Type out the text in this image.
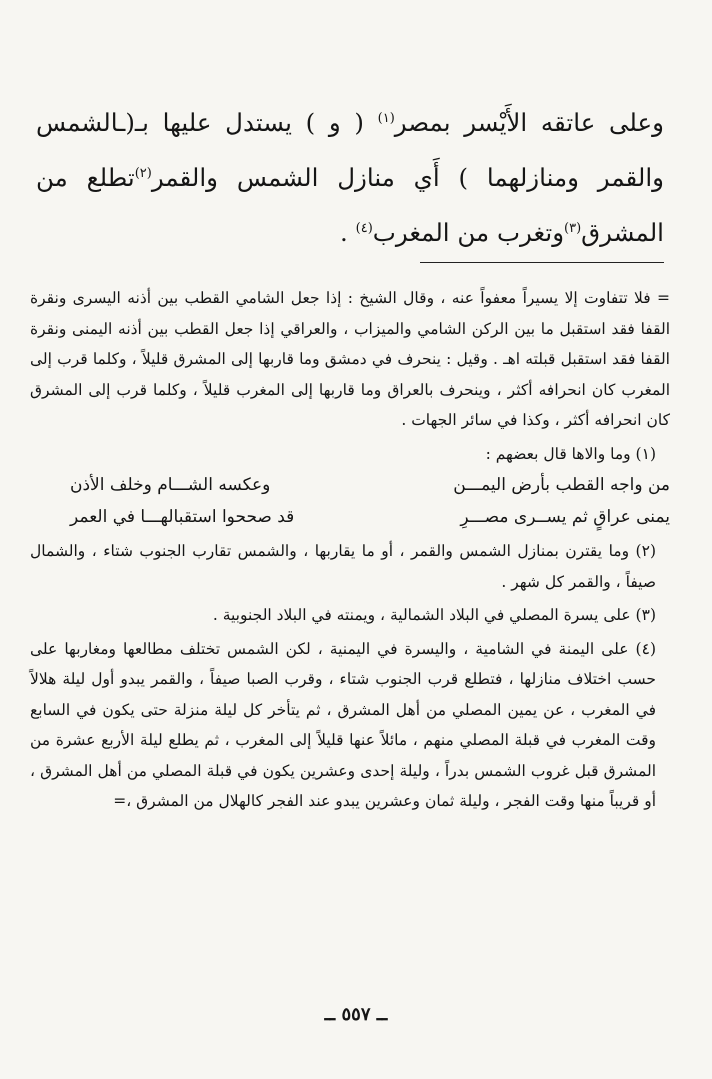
وعلى عاتقه الأَيْسر بمصر$^{(١)}$ ( و ) يستدل عليها بـ(ـالشمس والقمر ومنازلهما ) أَي منازل الشمس والقمر$^{(٢)}$تطلع من المشرق$^{(٣)}$وتغرب من المغرب$^{(٤)}$ .

= فلا تتفاوت إلا يسيراً معفواً عنه ، وقال الشيخ : إذا جعل الشامي القطب بين أذنه اليسرى ونقرة القفا فقد استقبل ما بين الركن الشامي والميزاب ، والعراقي إذا جعل القطب بين أذنه اليمنى ونقرة القفا فقد استقبل قبلته اهـ . وقيل : ينحرف في دمشق وما قاربها إلى المشرق قليلاً ، وكلما قرب إلى المغرب كان انحرافه أكثر ، وينحرف بالعراق وما قاربها إلى المغرب قليلاً ، وكلما قرب إلى المشرق كان انحرافه أكثر ، وكذا في سائر الجهات .

(١) وما والاها قال بعضهم :

من واجه القطب بأرض اليمـــن
وعكسه الشـــام وخلف الأذن
يمنى عراقٍ ثم يســرى مصـــرِ
قد صححوا استقبالهـــا في العمر

(٢) وما يقترن بمنازل الشمس والقمر ، أو ما يقاربها ، والشمس تقارب الجنوب شتاء ، والشمال صيفاً ، والقمر كل شهر .

(٣) على يسرة المصلي في البلاد الشمالية ، ويمنته في البلاد الجنوبية .

(٤) على اليمنة في الشامية ، واليسرة في اليمنية ، لكن الشمس تختلف مطالعها ومغاربها على حسب اختلاف منازلها ، فتطلع قرب الجنوب شتاء ، وقرب الصبا صيفاً ، والقمر يبدو أول ليلة هلالاً في المغرب ، عن يمين المصلي من أهل المشرق ، ثم يتأخر كل ليلة منزلة حتى يكون في السابع وقت المغرب في قبلة المصلي منهم ، مائلاً عنها قليلاً إلى المغرب ، ثم يطلع ليلة الأربع عشرة من المشرق قبل غروب الشمس بدراً ، وليلة إحدى وعشرين يكون في قبلة المصلي من أهل المشرق ، أو قريباً منها وقت الفجر ، وليلة ثمان وعشرين يبدو عند الفجر كالهلال من المشرق ،=

ــ ٥٥٧ ــ
